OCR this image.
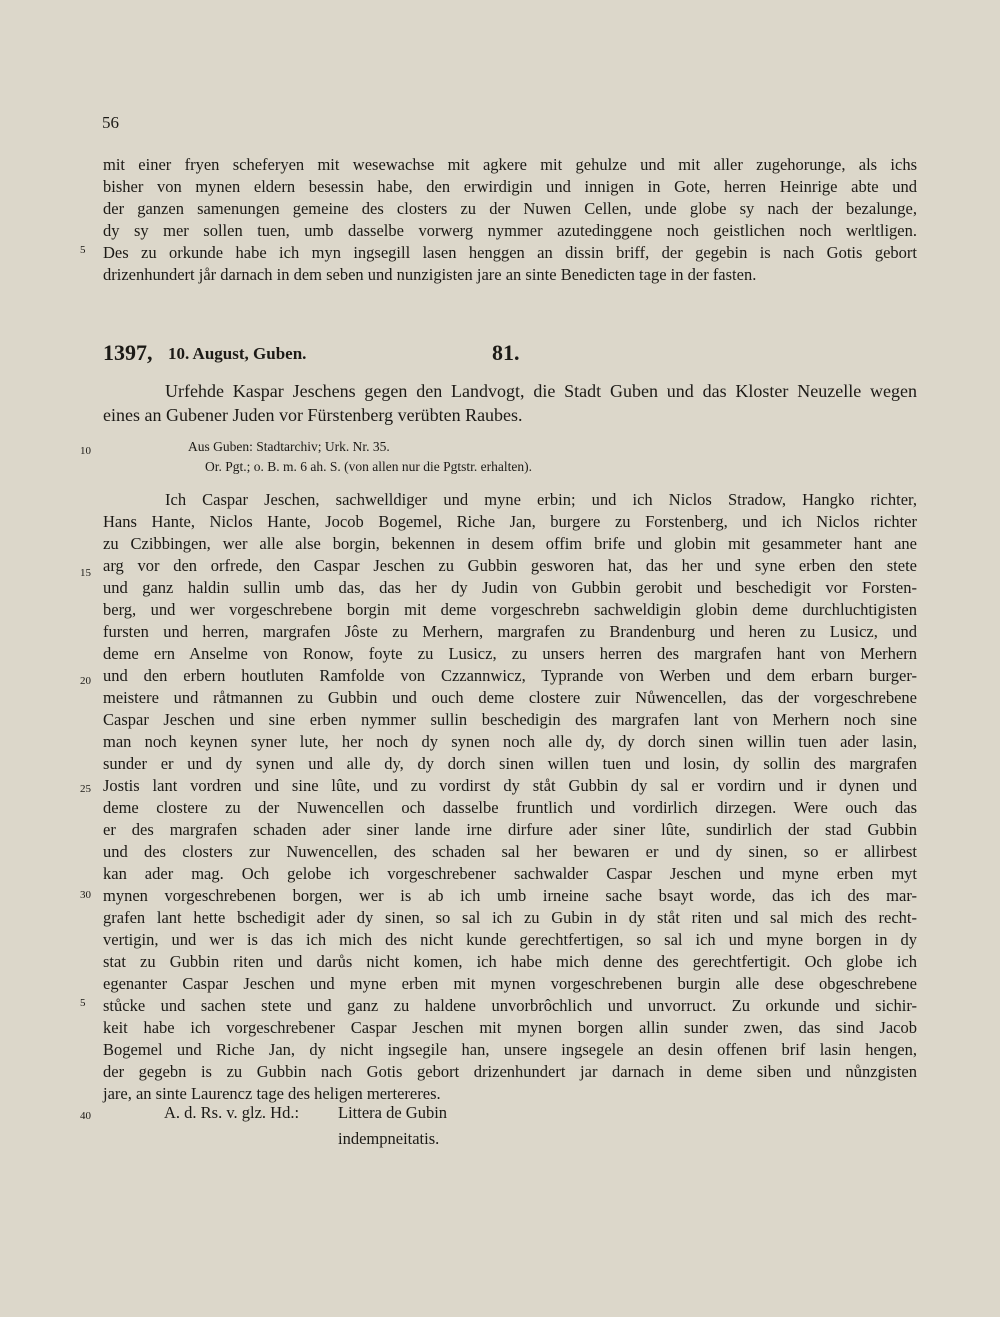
56
5
mit einer fryen scheferyen mit wesewachse mit agkere mit gehulze und mit aller zugehorunge, als ichs
bisher von mynen eldern besessin habe, den erwirdigin und innigen in Gote, herren Heinrige abte und
der ganzen samenungen gemeine des closters zu der Nuwen Cellen, unde globe sy nach der bezalunge,
dy sy mer sollen tuen, umb dasselbe vorwerg nymmer azutedinggene noch geistlichen noch werltligen.
Des zu orkunde habe ich myn ingsegill lasen henggen an dissin briff, der gegebin is nach Gotis gebort
drizenhundert jår darnach in dem seben und nunzigisten jare an sinte Benedicten tage in der fasten.
1397, 10. August, Guben.	81.
Urfehde Kaspar Jeschens gegen den Landvogt, die Stadt Guben und das Kloster Neuzelle wegen
eines an Gubener Juden vor Fürstenberg verübten Raubes.
10	Aus Guben: Stadtarchiv; Urk. Nr. 35.
Or. Pgt.; o. B. m. 6 ah. S. (von allen nur die Pgtstr. erhalten).
15
20
25
30
5
40
Ich Caspar Jeschen, sachwelldiger und myne erbin; und ich Niclos Stradow, Hangko richter,
Hans Hante, Niclos Hante, Jocob Bogemel, Riche Jan, burgere zu Forstenberg, und ich Niclos richter
zu Czibbingen, wer alle alse borgin, bekennen in desem offim brife und globin mit gesammeter hant ane
arg vor den orfrede, den Caspar Jeschen zu Gubbin gesworen hat, das her und syne erben den stete
und ganz haldin sullin umb das, das her dy Judin von Gubbin gerobit und beschedigit vor Forsten-
berg, und wer vorgeschrebene borgin mit deme vorgeschrebn sachweldigin globin deme durchluchtigisten
fursten und herren, margrafen Jôste zu Merhern, margrafen zu Brandenburg und heren zu Lusicz, und
deme ern Anselme von Ronow, foyte zu Lusicz, zu unsers herren des margrafen hant von Merhern
und den erbern houtluten Ramfolde von Czzannwicz, Typrande von Werben und dem erbarn burger-
meistere und råtmannen zu Gubbin und ouch deme clostere zuir Nůwencellen, das der vorgeschrebene
Caspar Jeschen und sine erben nymmer sullin beschedigin des margrafen lant von Merhern noch sine
man noch keynen syner lute, her noch dy synen noch alle dy, dy dorch sinen willin tuen ader lasin,
sunder er und dy synen und alle dy, dy dorch sinen willen tuen und losin, dy sollin des margrafen
Jostis lant vordren und sine lûte, und zu vordirst dy ståt Gubbin dy sal er vordirn und ir dynen und
deme clostere zu der Nuwencellen och dasselbe fruntlich und vordirlich dirzegen. Were ouch das
er des margrafen schaden ader siner lande irne dirfure ader siner lûte, sundirlich der stad Gubbin
und des closters zur Nuwencellen, des schaden sal her bewaren er und dy sinen, so er allirbest
kan ader mag. Och gelobe ich vorgeschrebener sachwalder Caspar Jeschen und myne erben myt
mynen vorgeschrebenen borgen, wer is ab ich umb irneine sache bsayt worde, das ich des mar-
grafen lant hette bschedigit ader dy sinen, so sal ich zu Gubin in dy ståt riten und sal mich des recht-
vertigin, und wer is das ich mich des nicht kunde gerechtfertigen, so sal ich und myne borgen in dy
stat zu Gubbin riten und darůs nicht komen, ich habe mich denne des gerechtfertigit. Och globe ich
egenanter Caspar Jeschen und myne erben mit mynen vorgeschrebenen burgin alle dese obgeschrebene
stůcke und sachen stete und ganz zu haldene unvorbrôchlich und unvorruct. Zu orkunde und sichir-
keit habe ich vorgeschrebener Caspar Jeschen mit mynen borgen allin sunder zwen, das sind Jacob
Bogemel und Riche Jan, dy nicht ingsegile han, unsere ingsegele an desin offenen brif lasin hengen,
der gegebn is zu Gubbin nach Gotis gebort drizenhundert jar darnach in deme siben und nůnzgisten
jare, an sinte Laurencz tage des heligen mertereres.
A. d. Rs. v. glz. Hd.: Littera de Gubin
indempneitatis.
